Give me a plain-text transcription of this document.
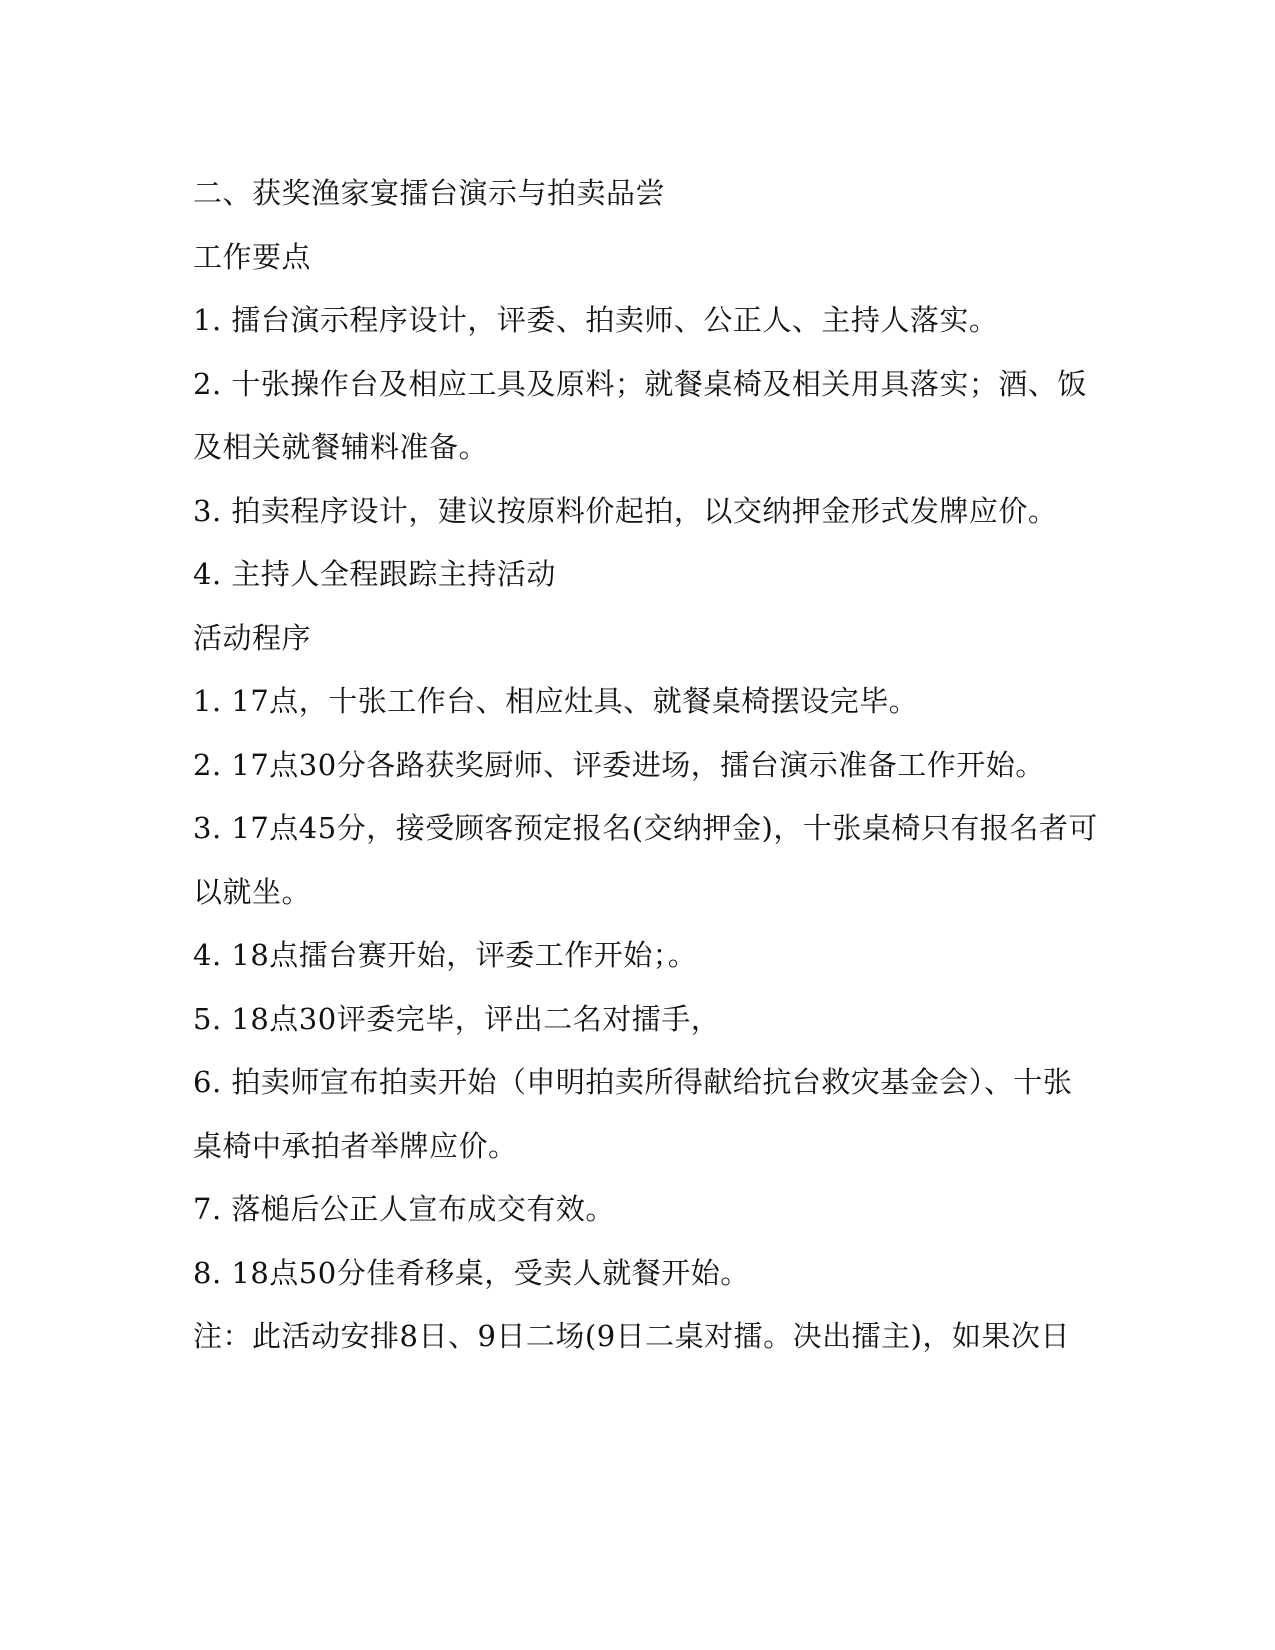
二、获奖渔家宴擂台演示与拍卖品尝
工作要点
1. 擂台演示程序设计，评委、拍卖师、公正人、主持人落实。
2. 十张操作台及相应工具及原料；就餐桌椅及相关用具落实；酒、饭
及相关就餐辅料准备。
3. 拍卖程序设计，建议按原料价起拍，以交纳押金形式发牌应价。
4. 主持人全程跟踪主持活动
活动程序
1. 17点，十张工作台、相应灶具、就餐桌椅摆设完毕。
2. 17点30分各路获奖厨师、评委进场，擂台演示准备工作开始。
3. 17点45分，接受顾客预定报名(交纳押金)，十张桌椅只有报名者可
以就坐。
4. 18点擂台赛开始，评委工作开始；。
5. 18点30评委完毕，评出二名对擂手，
6. 拍卖师宣布拍卖开始（申明拍卖所得献给抗台救灾基金会）、十张
桌椅中承拍者举牌应价。
7. 落槌后公正人宣布成交有效。
8. 18点50分佳肴移桌，受卖人就餐开始。
注：此活动安排8日、9日二场(9日二桌对擂。决出擂主)，如果次日
